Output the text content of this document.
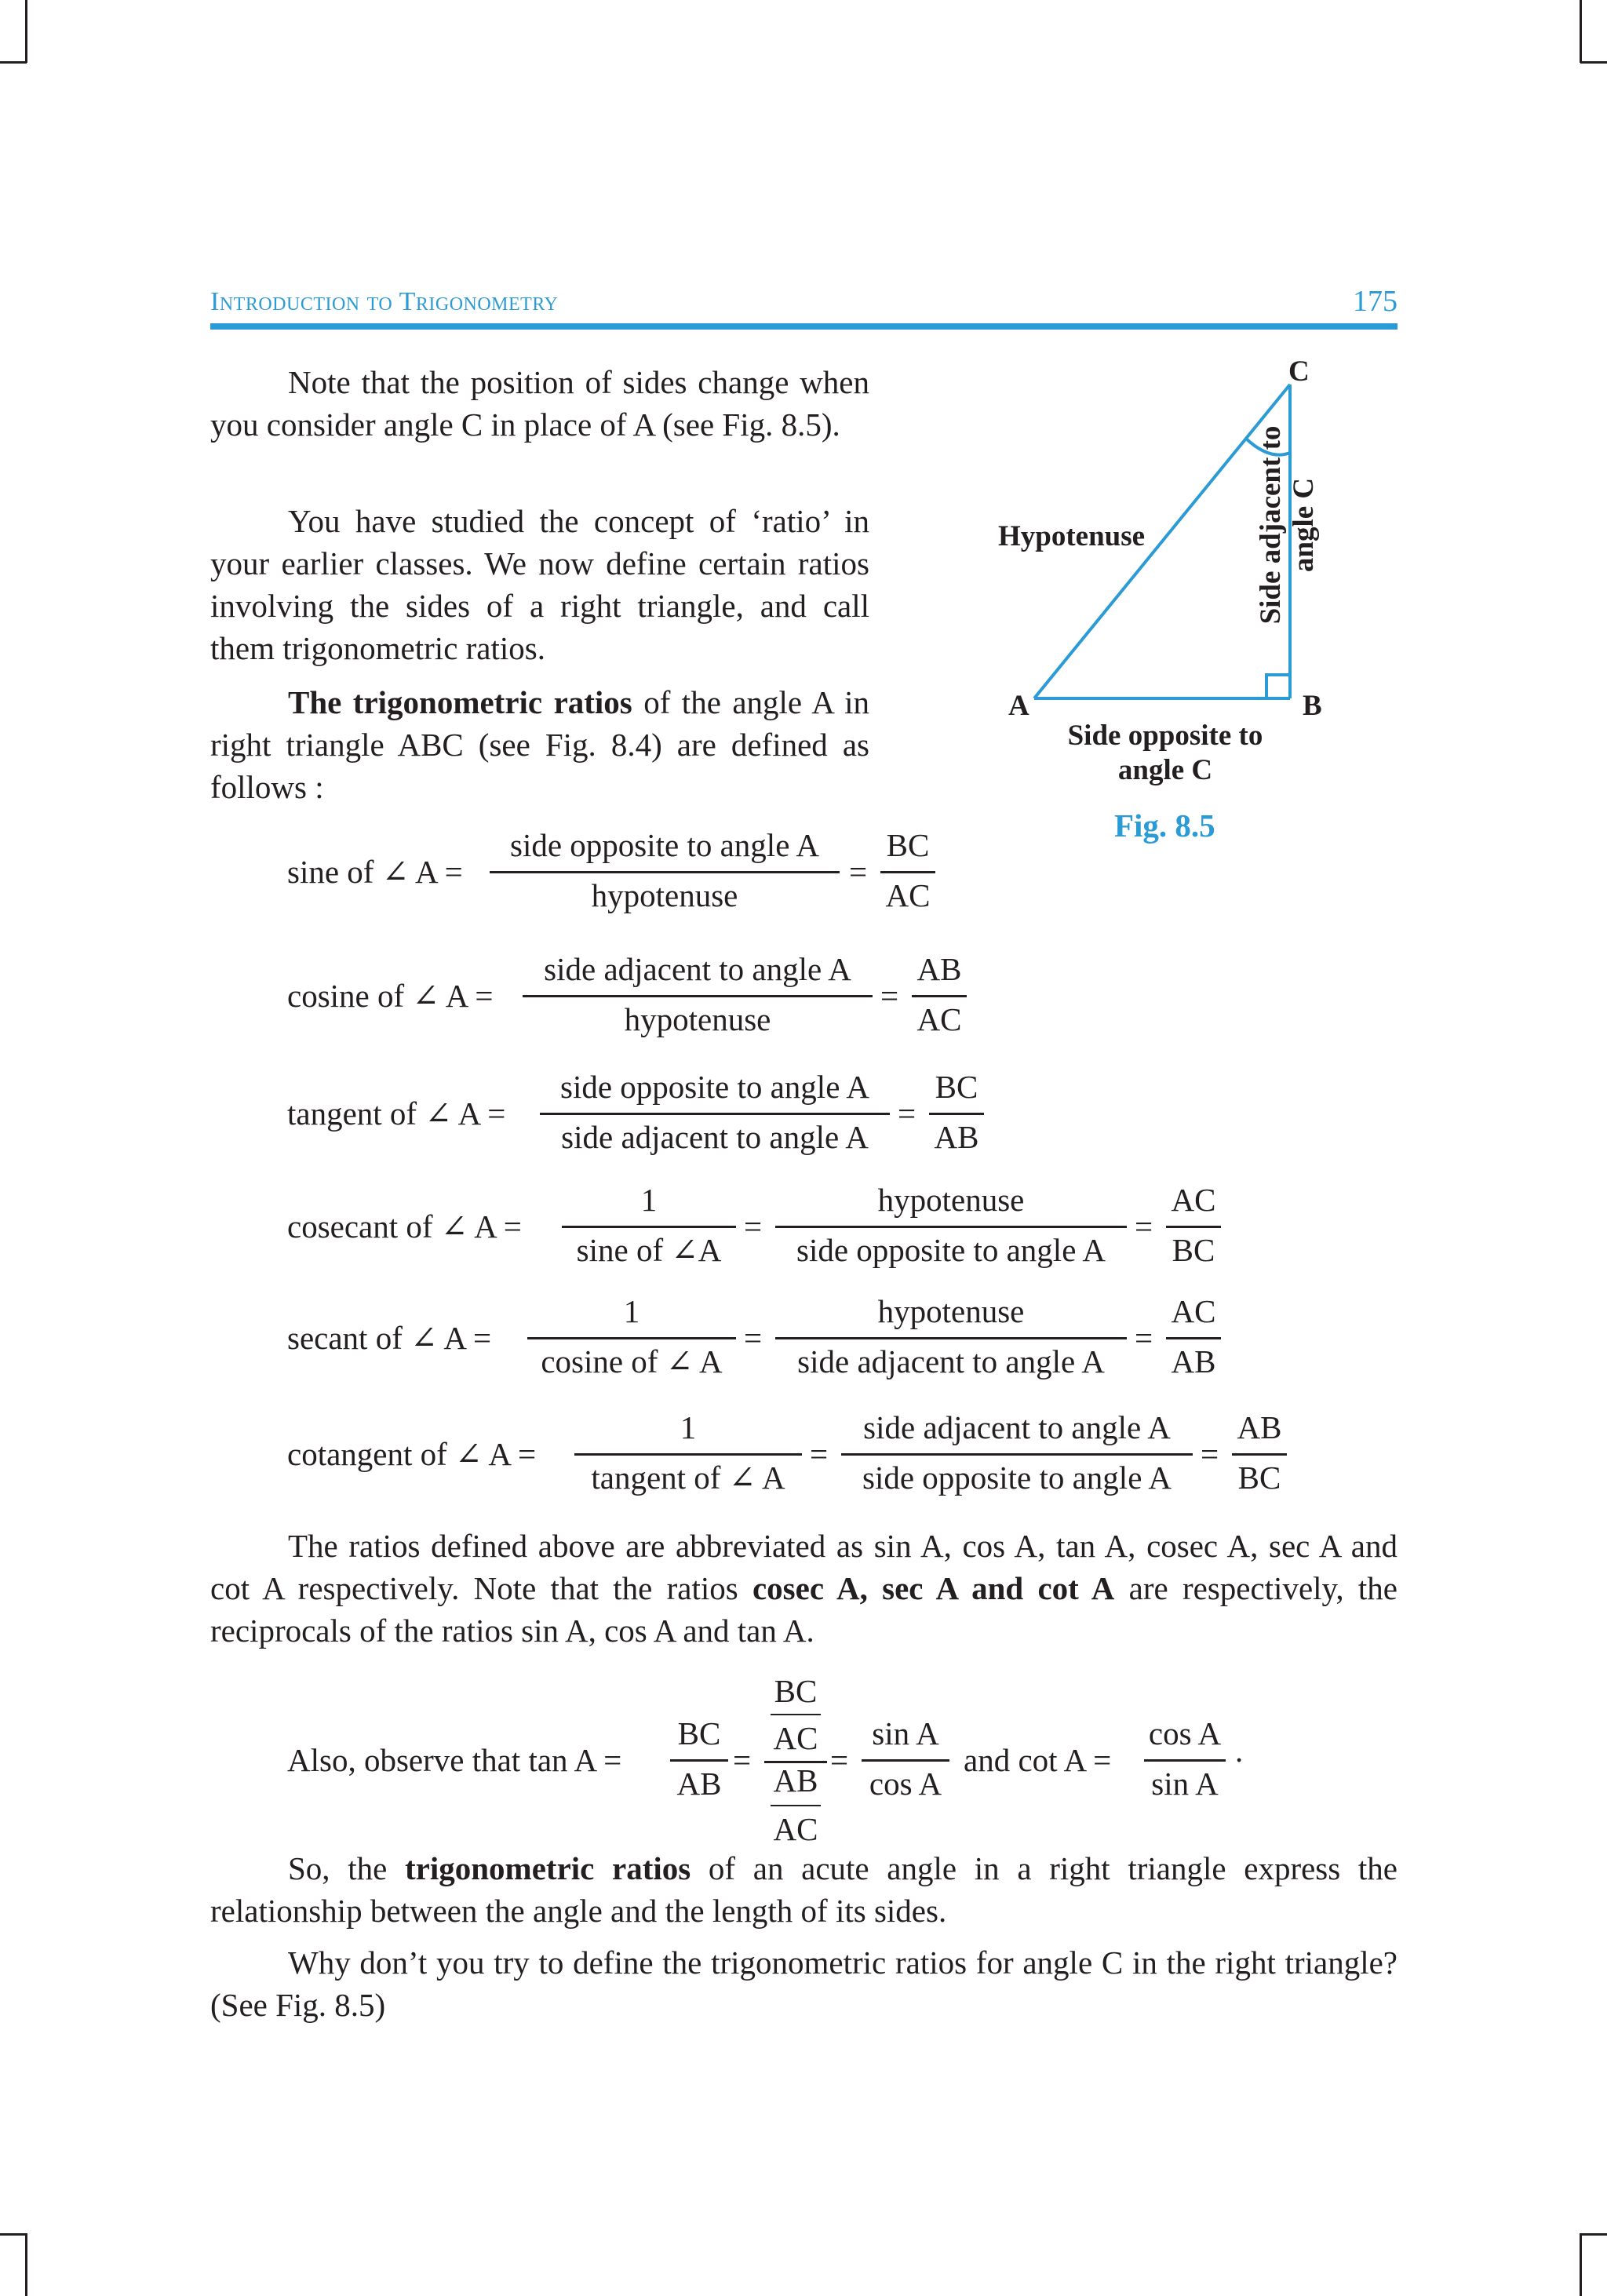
Introduction to Trigonometry	175

Note that the position of sides change when you consider angle C in place of A (see Fig. 8.5).

You have studied the concept of ‘ratio’ in your earlier classes. We now define certain ratios involving the sides of a right triangle, and call them trigonometric ratios.

The trigonometric ratios of the angle A in right triangle ABC (see Fig. 8.4) are defined as follows :

C
A	B
Hypotenuse
Side opposite to
angle C
Side adjacent to angle C
Fig. 8.5
sine of ∠ A =
side opposite to angle A
hypotenuse
=
BC
AC
cosine of ∠ A =
side adjacent to angle A
hypotenuse
=
AB
AC
tangent of ∠ A =
side opposite to angle A
side adjacent to angle A
=
BC
AB
cosecant of ∠ A =
1
sine of ∠A
=
hypotenuse
side opposite to angle A
=
AC
BC
secant of ∠ A =
1
cosine of ∠ A
=
hypotenuse
side adjacent to angle A
=
AC
AB
cotangent of ∠ A =
1
tangent of ∠ A
=
side adjacent to angle A
side opposite to angle A
=
AB
BC

The ratios defined above are abbreviated as sin A, cos A, tan A, cosec A, sec A and cot A respectively. Note that the ratios cosec A, sec A and cot A are respectively, the reciprocals of the ratios sin A, cos A and tan A.

Also, observe that tan A =
BC
AB
=
BC
AC
AB
AC
=
sin A
cos A
and cot A =
cos A
sin A
.

So, the trigonometric ratios of an acute angle in a right triangle express the relationship between the angle and the length of its sides.

Why don’t you try to define the trigonometric ratios for angle C in the right triangle? (See Fig. 8.5)
